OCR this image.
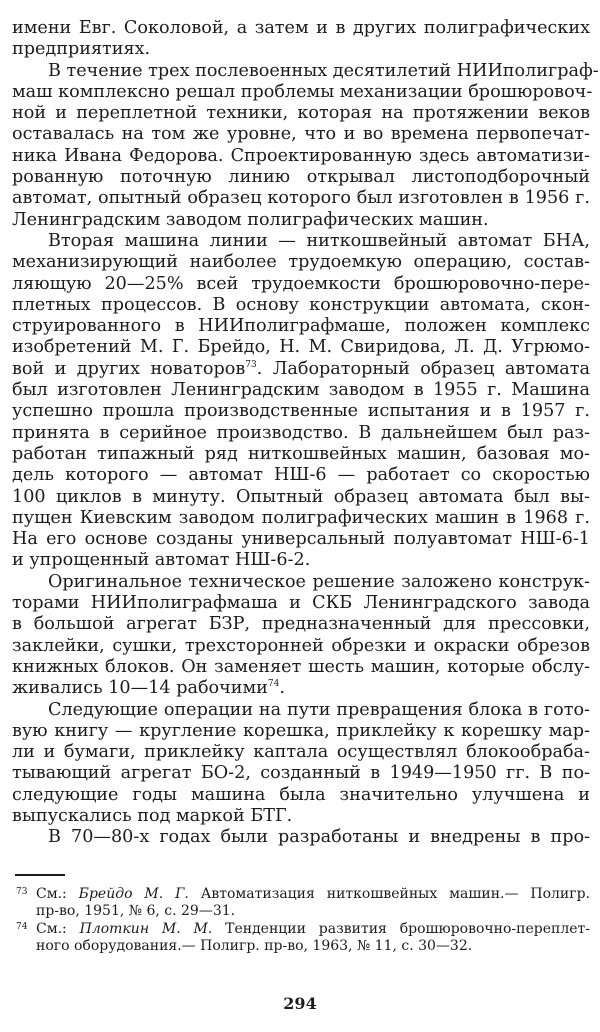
имени Евг. Соколовой, а затем и в других полиграфических
предприятиях.
В течение трех послевоенных десятилетий НИИполиграф-
маш комплексно решал проблемы механизации брошюровоч-
ной и переплетной техники, которая на протяжении веков
оставалась на том же уровне, что и во времена первопечат-
ника Ивана Федорова. Спроектированную здесь автоматизи-
рованную поточную линию открывал листоподборочный
автомат, опытный образец которого был изготовлен в 1956 г.
Ленинградским заводом полиграфических машин.
Вторая машина линии — ниткошвейный автомат БНА,
механизирующий наиболее трудоемкую операцию, состав-
ляющую 20—25% всей трудоемкости брошюровочно-пере-
плетных процессов. В основу конструкции автомата, скон-
струированного в НИИполиграфмаше, положен комплекс
изобретений М. Г. Брейдо, Н. М. Свиридова, Л. Д. Угрюмо-
вой и других новаторов$^{73}$. Лабораторный образец автомата
был изготовлен Ленинградским заводом в 1955 г. Машина
успешно прошла производственные испытания и в 1957 г.
принята в серийное производство. В дальнейшем был раз-
работан типажный ряд ниткошвейных машин, базовая мо-
дель которого — автомат НШ-6 — работает со скоростью
100 циклов в минуту. Опытный образец автомата был вы-
пущен Киевским заводом полиграфических машин в 1968 г.
На его основе созданы универсальный полуавтомат НШ-6-1
и упрощенный автомат НШ-6-2.
Оригинальное техническое решение заложено конструк-
торами НИИполиграфмаша и СКБ Ленинградского завода
в большой агрегат БЗР, предназначенный для прессовки,
заклейки, сушки, трехсторонней обрезки и окраски обрезов
книжных блоков. Он заменяет шесть машин, которые обслу-
живались 10—14 рабочими$^{74}$.
Следующие операции на пути превращения блока в гото-
вую книгу — кругление корешка, приклейку к корешку мар-
ли и бумаги, приклейку каптала осуществлял блокообраба-
тывающий агрегат БО-2, созданный в 1949—1950 гг. В по-
следующие годы машина была значительно улучшена и
выпускались под маркой БТГ.
В 70—80-х годах были разработаны и внедрены в про-
73 См.: Брейдо М. Г. Автоматизация ниткошвейных машин.— Полигр.
пр-во, 1951, № 6, с. 29—31.
74 См.: Плоткин М. М. Тенденции развития брошюровочно-переплет-
ного оборудования.— Полигр. пр-во, 1963, № 11, с. 30—32.
294
